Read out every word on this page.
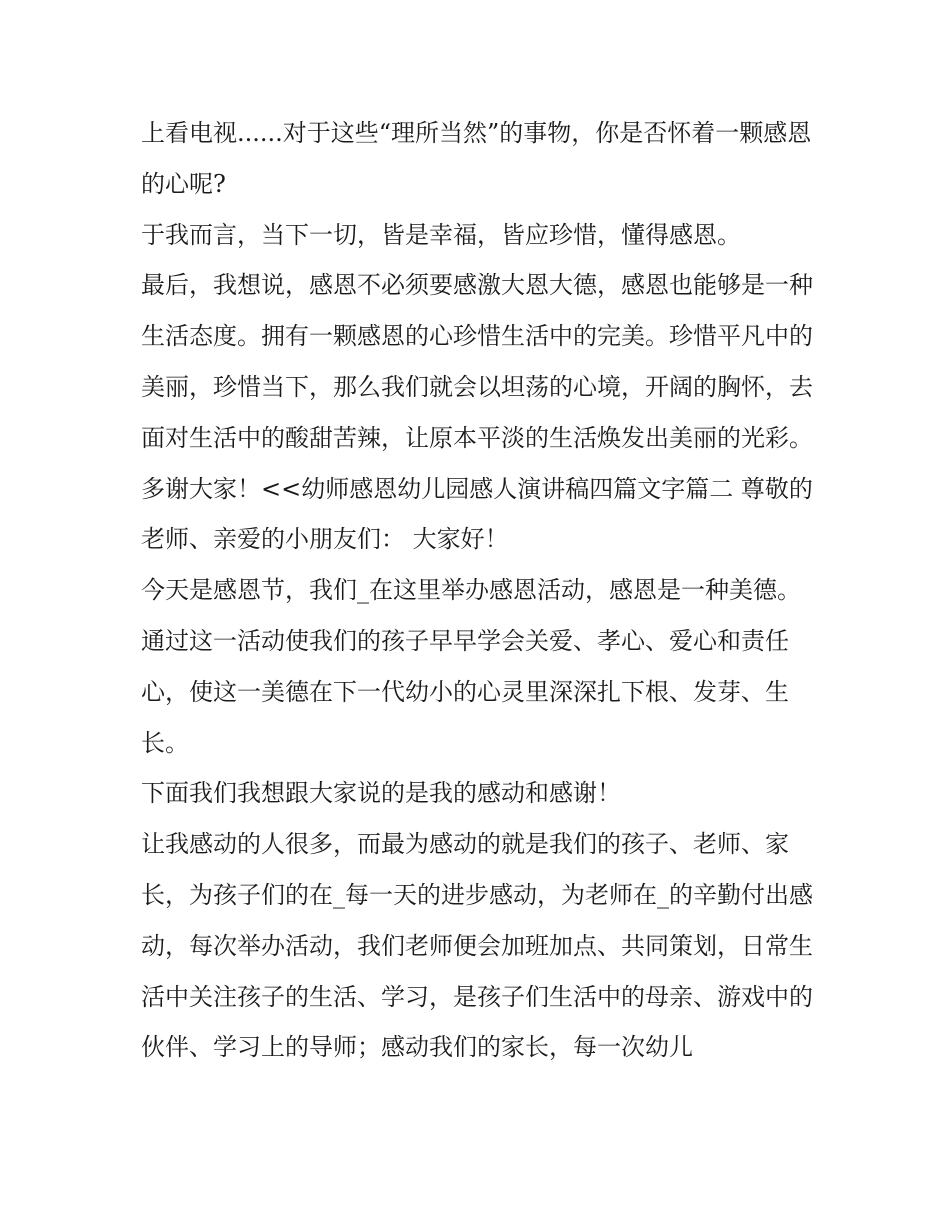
上看电视......对于这些“理所当然”的事物，你是否怀着一颗感恩的心呢?

于我而言，当下一切，皆是幸福，皆应珍惜，懂得感恩。

最后，我想说，感恩不必须要感激大恩大德，感恩也能够是一种生活态度。拥有一颗感恩的心珍惜生活中的完美。珍惜平凡中的美丽，珍惜当下，那么我们就会以坦荡的心境，开阔的胸怀，去面对生活中的酸甜苦辣，让原本平淡的生活焕发出美丽的光彩。

多谢大家！<<幼师感恩幼儿园感人演讲稿四篇文字篇二 尊敬的老师、亲爱的小朋友们： 大家好！

今天是感恩节，我们_在这里举办感恩活动，感恩是一种美德。通过这一活动使我们的孩子早早学会关爱、孝心、爱心和责任心，使这一美德在下一代幼小的心灵里深深扎下根、发芽、生长。

下面我们我想跟大家说的是我的感动和感谢！

让我感动的人很多，而最为感动的就是我们的孩子、老师、家长，为孩子们的在_每一天的进步感动，为老师在_的辛勤付出感动，每次举办活动，我们老师便会加班加点、共同策划，日常生活中关注孩子的生活、学习，是孩子们生活中的母亲、游戏中的伙伴、学习上的导师；感动我们的家长，每一次幼儿
